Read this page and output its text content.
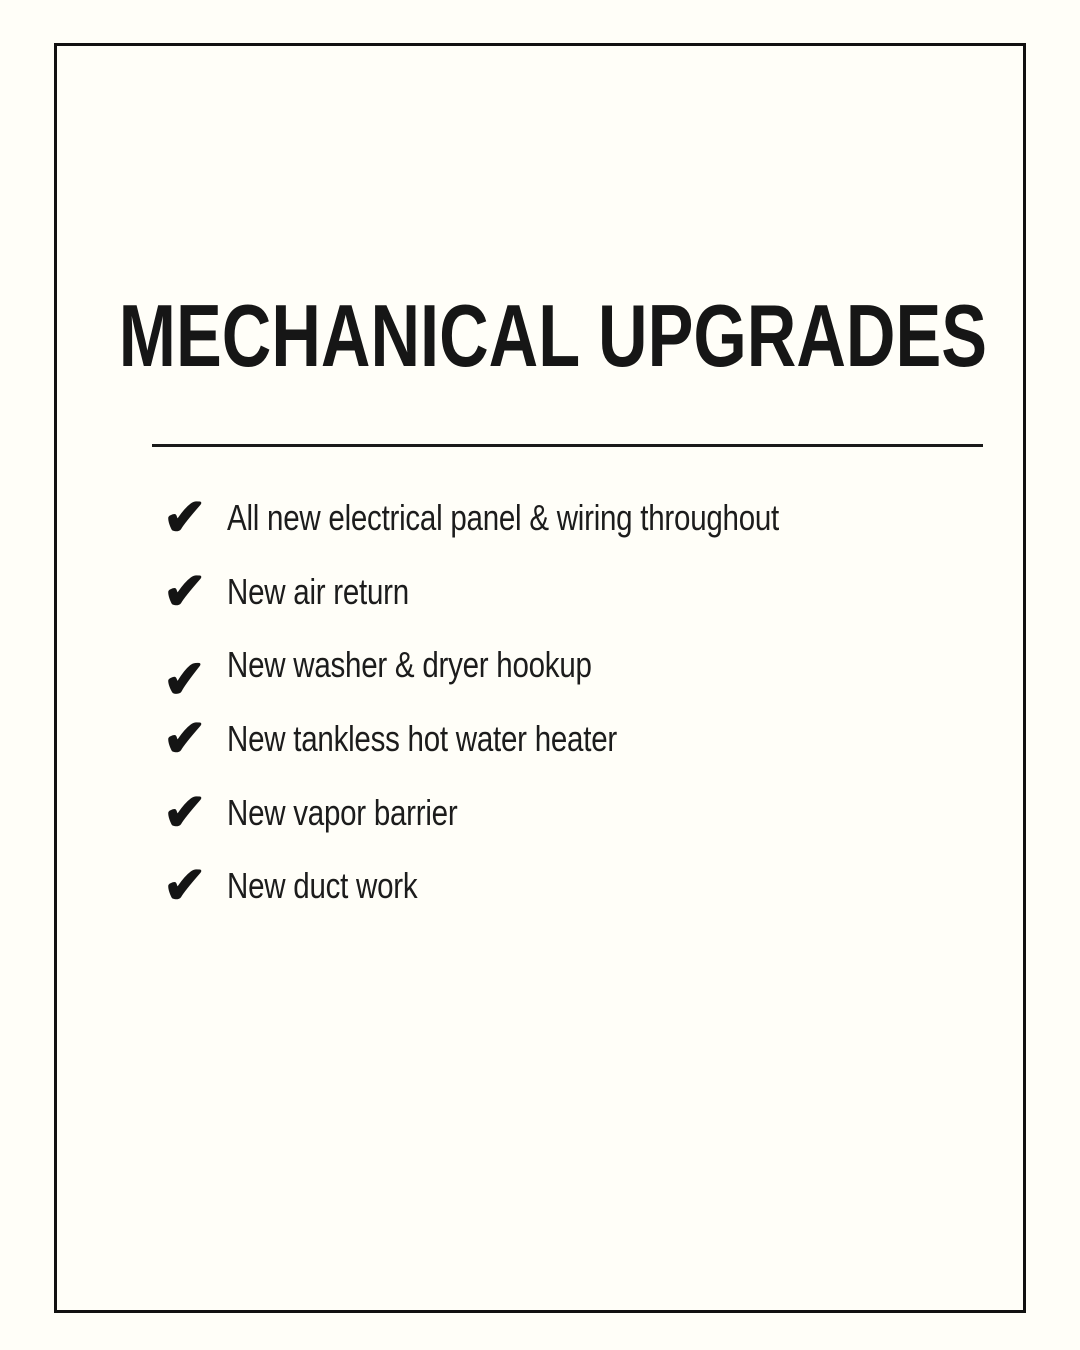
MECHANICAL UPGRADES
✔ All new electrical panel & wiring throughout
✔ New air return
✔ New washer & dryer hookup
✔ New tankless hot water heater
✔ New vapor barrier
✔ New duct work
